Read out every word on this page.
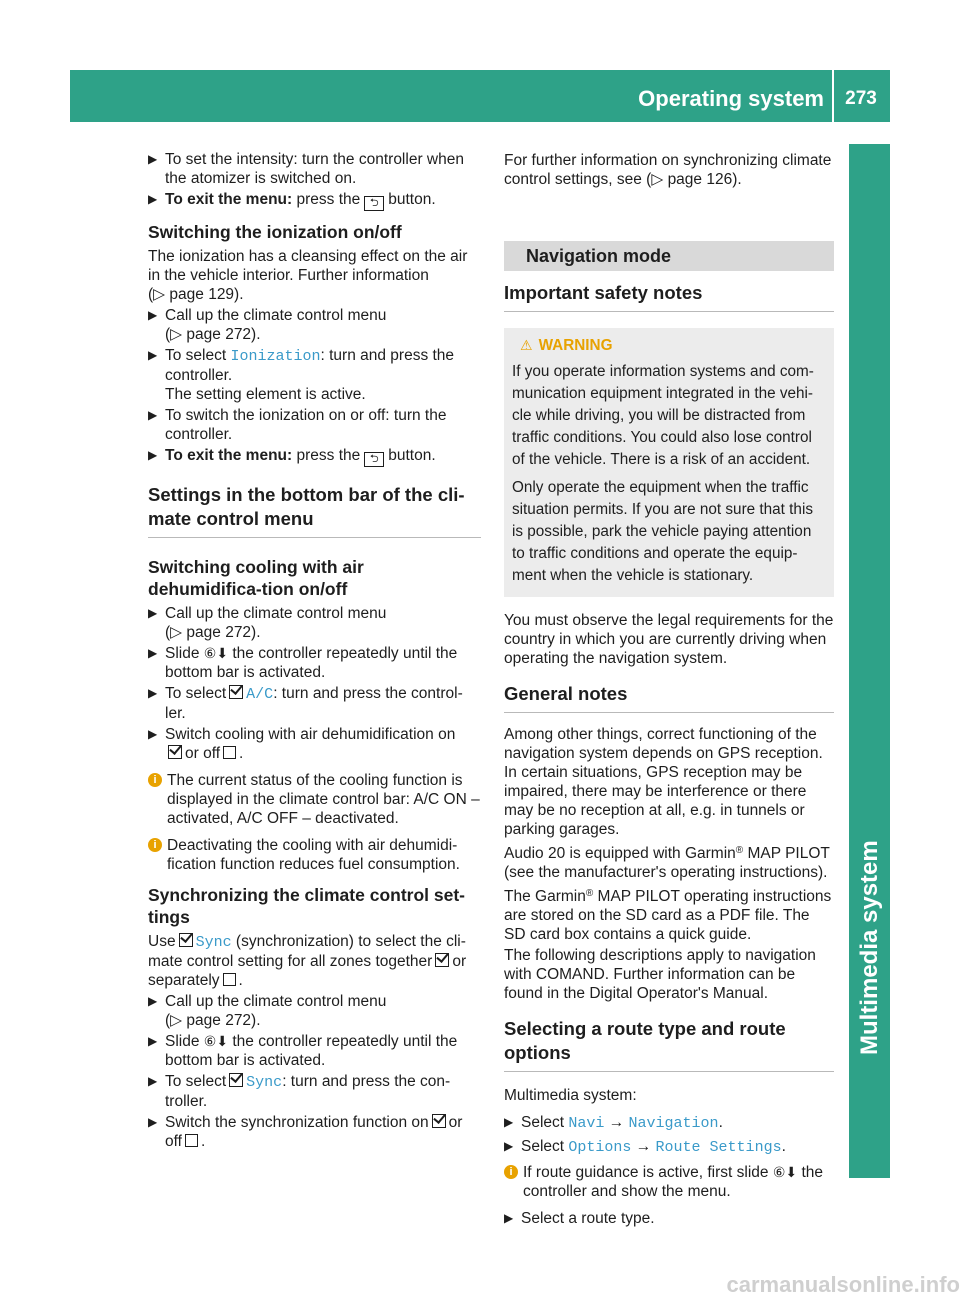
Operating system	273
Multimedia system
▶ To set the intensity: turn the controller when the atomizer is switched on.
▶ To exit the menu: press the ⮌ button.
Switching the ionization on/off

The ionization has a cleansing effect on the air in the vehicle interior. Further information
(▷ page 129).

▶ Call up the climate control menu
(▷ page 272).
▶ To select Ionization: turn and press the controller.
The setting element is active.
▶ To switch the ionization on or off: turn the controller.
▶ To exit the menu: press the ⮌ button.
Settings in the bottom bar of the cli-mate control menu
Switching cooling with air dehumidifica-tion on/off
▶ Call up the climate control menu
(▷ page 272).
▶ Slide ⑥⬇ the controller repeatedly until the bottom bar is activated.
▶ To select A/C: turn and press the control-ler.
▶ Switch cooling with air dehumidification on
or off .
i The current status of the cooling function is displayed in the climate control bar: A/C ON – activated, A/C OFF – deactivated.
i Deactivating the cooling with air dehumidi-fication function reduces fuel consumption.
Synchronizing the climate control set-tings

Use Sync (synchronization) to select the cli-mate control setting for all zones together or separately .

▶ Call up the climate control menu
(▷ page 272).
▶ Slide ⑥⬇ the controller repeatedly until the bottom bar is activated.
▶ To select Sync: turn and press the con-troller.
▶ Switch the synchronization function on or off .

For further information on synchronizing climate control settings, see (▷ page 126).

Navigation mode
Important safety notes
⚠ WARNING

If you operate information systems and com-munication equipment integrated in the vehi-cle while driving, you will be distracted from traffic conditions. You could also lose control of the vehicle. There is a risk of an accident.

Only operate the equipment when the traffic situation permits. If you are not sure that this is possible, park the vehicle paying attention to traffic conditions and operate the equip-ment when the vehicle is stationary.

You must observe the legal requirements for the country in which you are currently driving when operating the navigation system.

General notes

Among other things, correct functioning of the navigation system depends on GPS reception. In certain situations, GPS reception may be impaired, there may be interference or there may be no reception at all, e.g. in tunnels or parking garages.

Audio 20 is equipped with Garmin® MAP PILOT (see the manufacturer's operating instructions).

The Garmin® MAP PILOT operating instructions are stored on the SD card as a PDF file. The SD card box contains a quick guide.

The following descriptions apply to navigation with COMAND. Further information can be found in the Digital Operator's Manual.

Selecting a route type and route options

Multimedia system:

▶ Select Navi → Navigation.
▶ Select Options → Route Settings.
i If route guidance is active, first slide ⑥⬇ the controller and show the menu.
▶ Select a route type.
carmanualsonline.info
